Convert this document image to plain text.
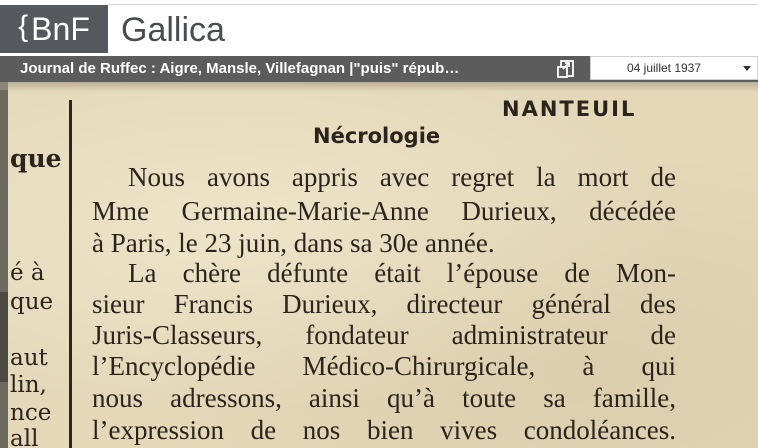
{ BnF Gallica
Journal de Ruffec : Aigre, Mansle, Villefagnan |"puis" répub…	04 juillet 1937
que
é à
que
aut
lin,
nce
all
NANTEUIL
Nécrologie
Nous avons appris avec regret la mort de
Mme Germaine-Marie-Anne Durieux, décédée
à Paris, le 23 juin, dans sa 30e année.
La chère défunte était l’épouse de Mon-
sieur Francis Durieux, directeur général des
Juris-Classeurs, fondateur administrateur de
l’Encyclopédie Médico-Chirurgicale, à qui
nous adressons, ainsi qu’à toute sa famille,
l’expression de nos bien vives condoléances.
